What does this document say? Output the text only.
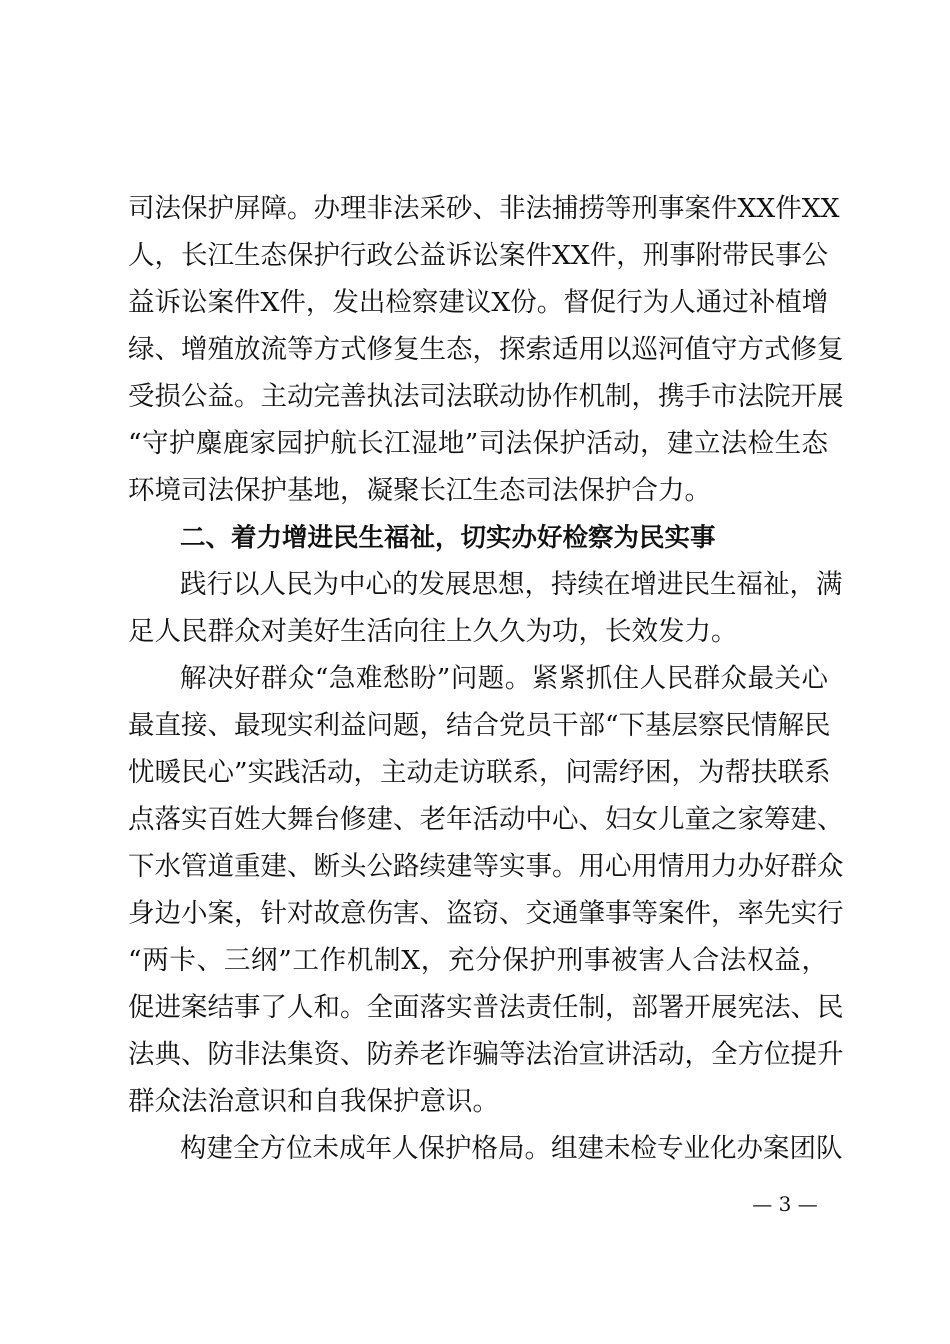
司法保护屏障。办理非法采砂、非法捕捞等刑事案件XX件XX
人，长江生态保护行政公益诉讼案件XX件，刑事附带民事公
益诉讼案件X件，发出检察建议X份。督促行为人通过补植增
绿、增殖放流等方式修复生态，探索适用以巡河值守方式修复
受损公益。主动完善执法司法联动协作机制，携手市法院开展
“守护麋鹿家园护航长江湿地”司法保护活动，建立法检生态
环境司法保护基地，凝聚长江生态司法保护合力。
二、着力增进民生福祉，切实办好检察为民实事
践行以人民为中心的发展思想，持续在增进民生福祉，满
足人民群众对美好生活向往上久久为功，长效发力。
解决好群众“急难愁盼”问题。紧紧抓住人民群众最关心
最直接、最现实利益问题，结合党员干部“下基层察民情解民
忧暖民心”实践活动，主动走访联系，问需纾困，为帮扶联系
点落实百姓大舞台修建、老年活动中心、妇女儿童之家筹建、
下水管道重建、断头公路续建等实事。用心用情用力办好群众
身边小案，针对故意伤害、盗窃、交通肇事等案件，率先实行
“两卡、三纲”工作机制X，充分保护刑事被害人合法权益，
促进案结事了人和。全面落实普法责任制，部署开展宪法、民
法典、防非法集资、防养老诈骗等法治宣讲活动，全方位提升
群众法治意识和自我保护意识。
构建全方位未成年人保护格局。组建未检专业化办案团队
— 3 —
